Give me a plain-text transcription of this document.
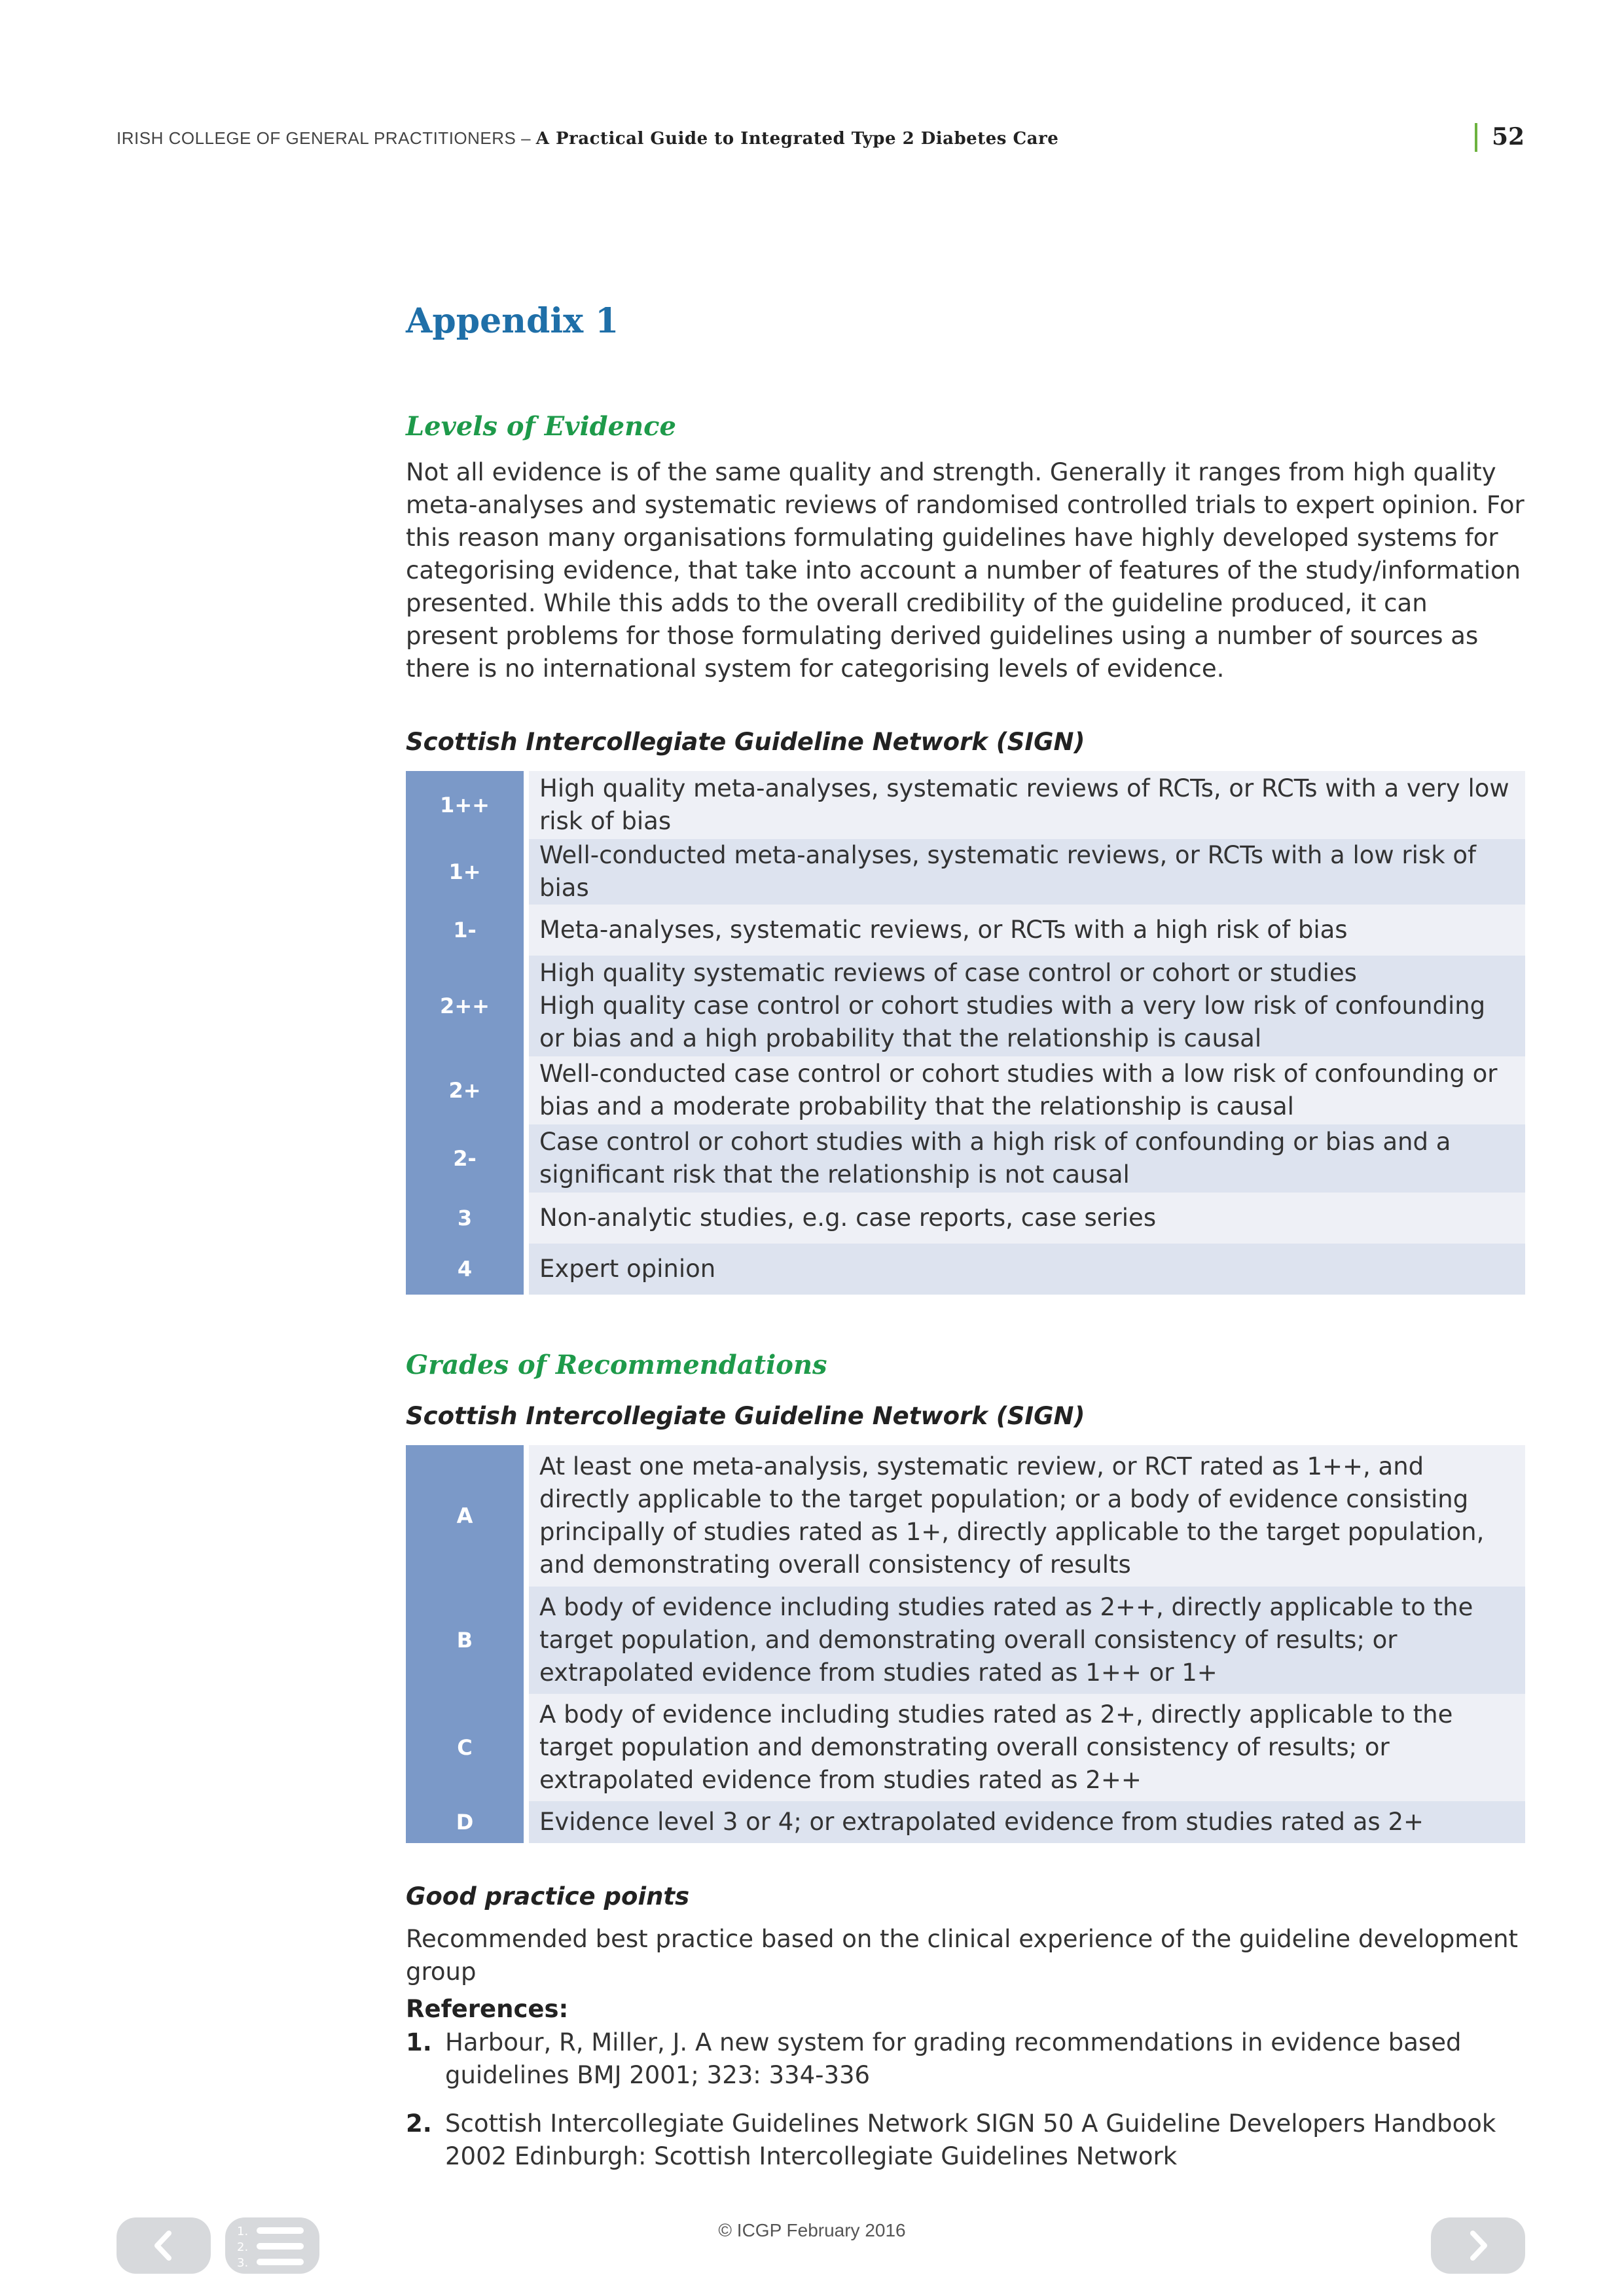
IRISH COLLEGE OF GENERAL PRACTITIONERS – A Practical Guide to Integrated Type 2 Diabetes Care	52
Appendix 1
Levels of Evidence
Not all evidence is of the same quality and strength. Generally it ranges from high quality meta-analyses and systematic reviews of randomised controlled trials to expert opinion. For this reason many organisations formulating guidelines have highly developed systems for categorising evidence, that take into account a number of features of the study/information presented. While this adds to the overall credibility of the guideline produced, it can present problems for those formulating derived guidelines using a number of sources as there is no international system for categorising levels of evidence.
Scottish Intercollegiate Guideline Network (SIGN)
1++	High quality meta-analyses, systematic reviews of RCTs, or RCTs with a very low risk of bias
1+	Well-conducted meta-analyses, systematic reviews, or RCTs with a low risk of bias
1-	Meta-analyses, systematic reviews, or RCTs with a high risk of bias
2++	High quality systematic reviews of case control or cohort or studies
High quality case control or cohort studies with a very low risk of confounding or bias and a high probability that the relationship is causal

2+	Well-conducted case control or cohort studies with a low risk of confounding or bias and a moderate probability that the relationship is causal
2-	Case control or cohort studies with a high risk of confounding or bias and a significant risk that the relationship is not causal
3	Non-analytic studies, e.g. case reports, case series
4	Expert opinion
Grades of Recommendations
Scottish Intercollegiate Guideline Network (SIGN)
A	At least one meta-analysis, systematic review, or RCT rated as 1++, and directly applicable to the target population; or a body of evidence consisting principally of studies rated as 1+, directly applicable to the target population, and demonstrating overall consistency of results
B	A body of evidence including studies rated as 2++, directly applicable to the target population, and demonstrating overall consistency of results; or extrapolated evidence from studies rated as 1++ or 1+
C	A body of evidence including studies rated as 2+, directly applicable to the target population and demonstrating overall consistency of results; or extrapolated evidence from studies rated as 2++
D	Evidence level 3 or 4; or extrapolated evidence from studies rated as 2+
Good practice points
Recommended best practice based on the clinical experience of the guideline development group
References:
1. Harbour, R, Miller, J. A new system for grading recommendations in evidence based guidelines BMJ 2001; 323: 334-336
2. Scottish Intercollegiate Guidelines Network SIGN 50 A Guideline Developers Handbook 2002 Edinburgh: Scottish Intercollegiate Guidelines Network
© ICGP February 2016
1.
2.
3.
